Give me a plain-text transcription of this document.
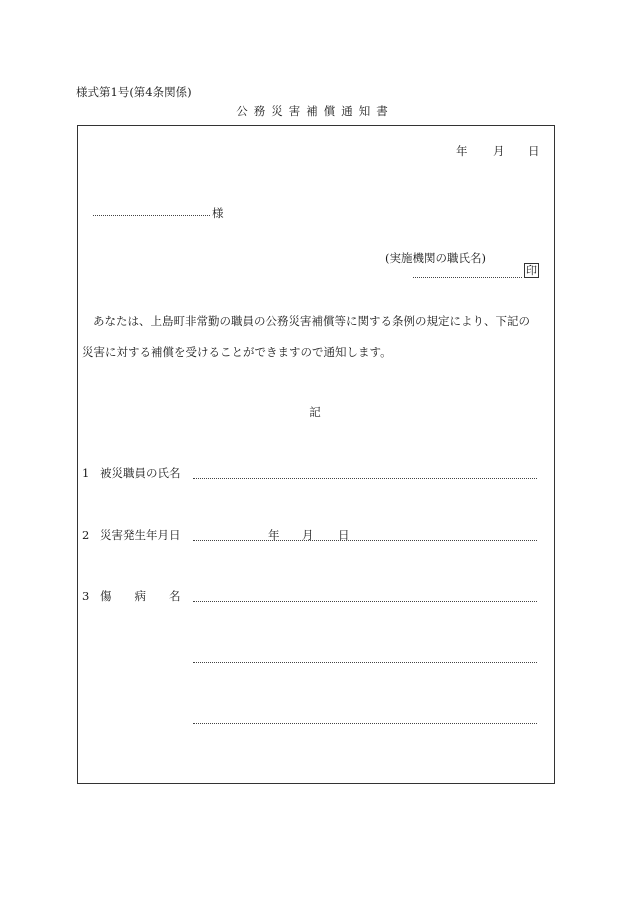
様式第1号(第4条関係)
公務災害補償通知書
年 月 日
様
(実施機関の職氏名)
印
あなたは、上島町非常勤の職員の公務災害補償等に関する条例の規定により、下記の
災害に対する補償を受けることができますので通知します。
記
1 被災職員の氏名
2 災害発生年月日	年 月 日
3 傷　　病　　名
